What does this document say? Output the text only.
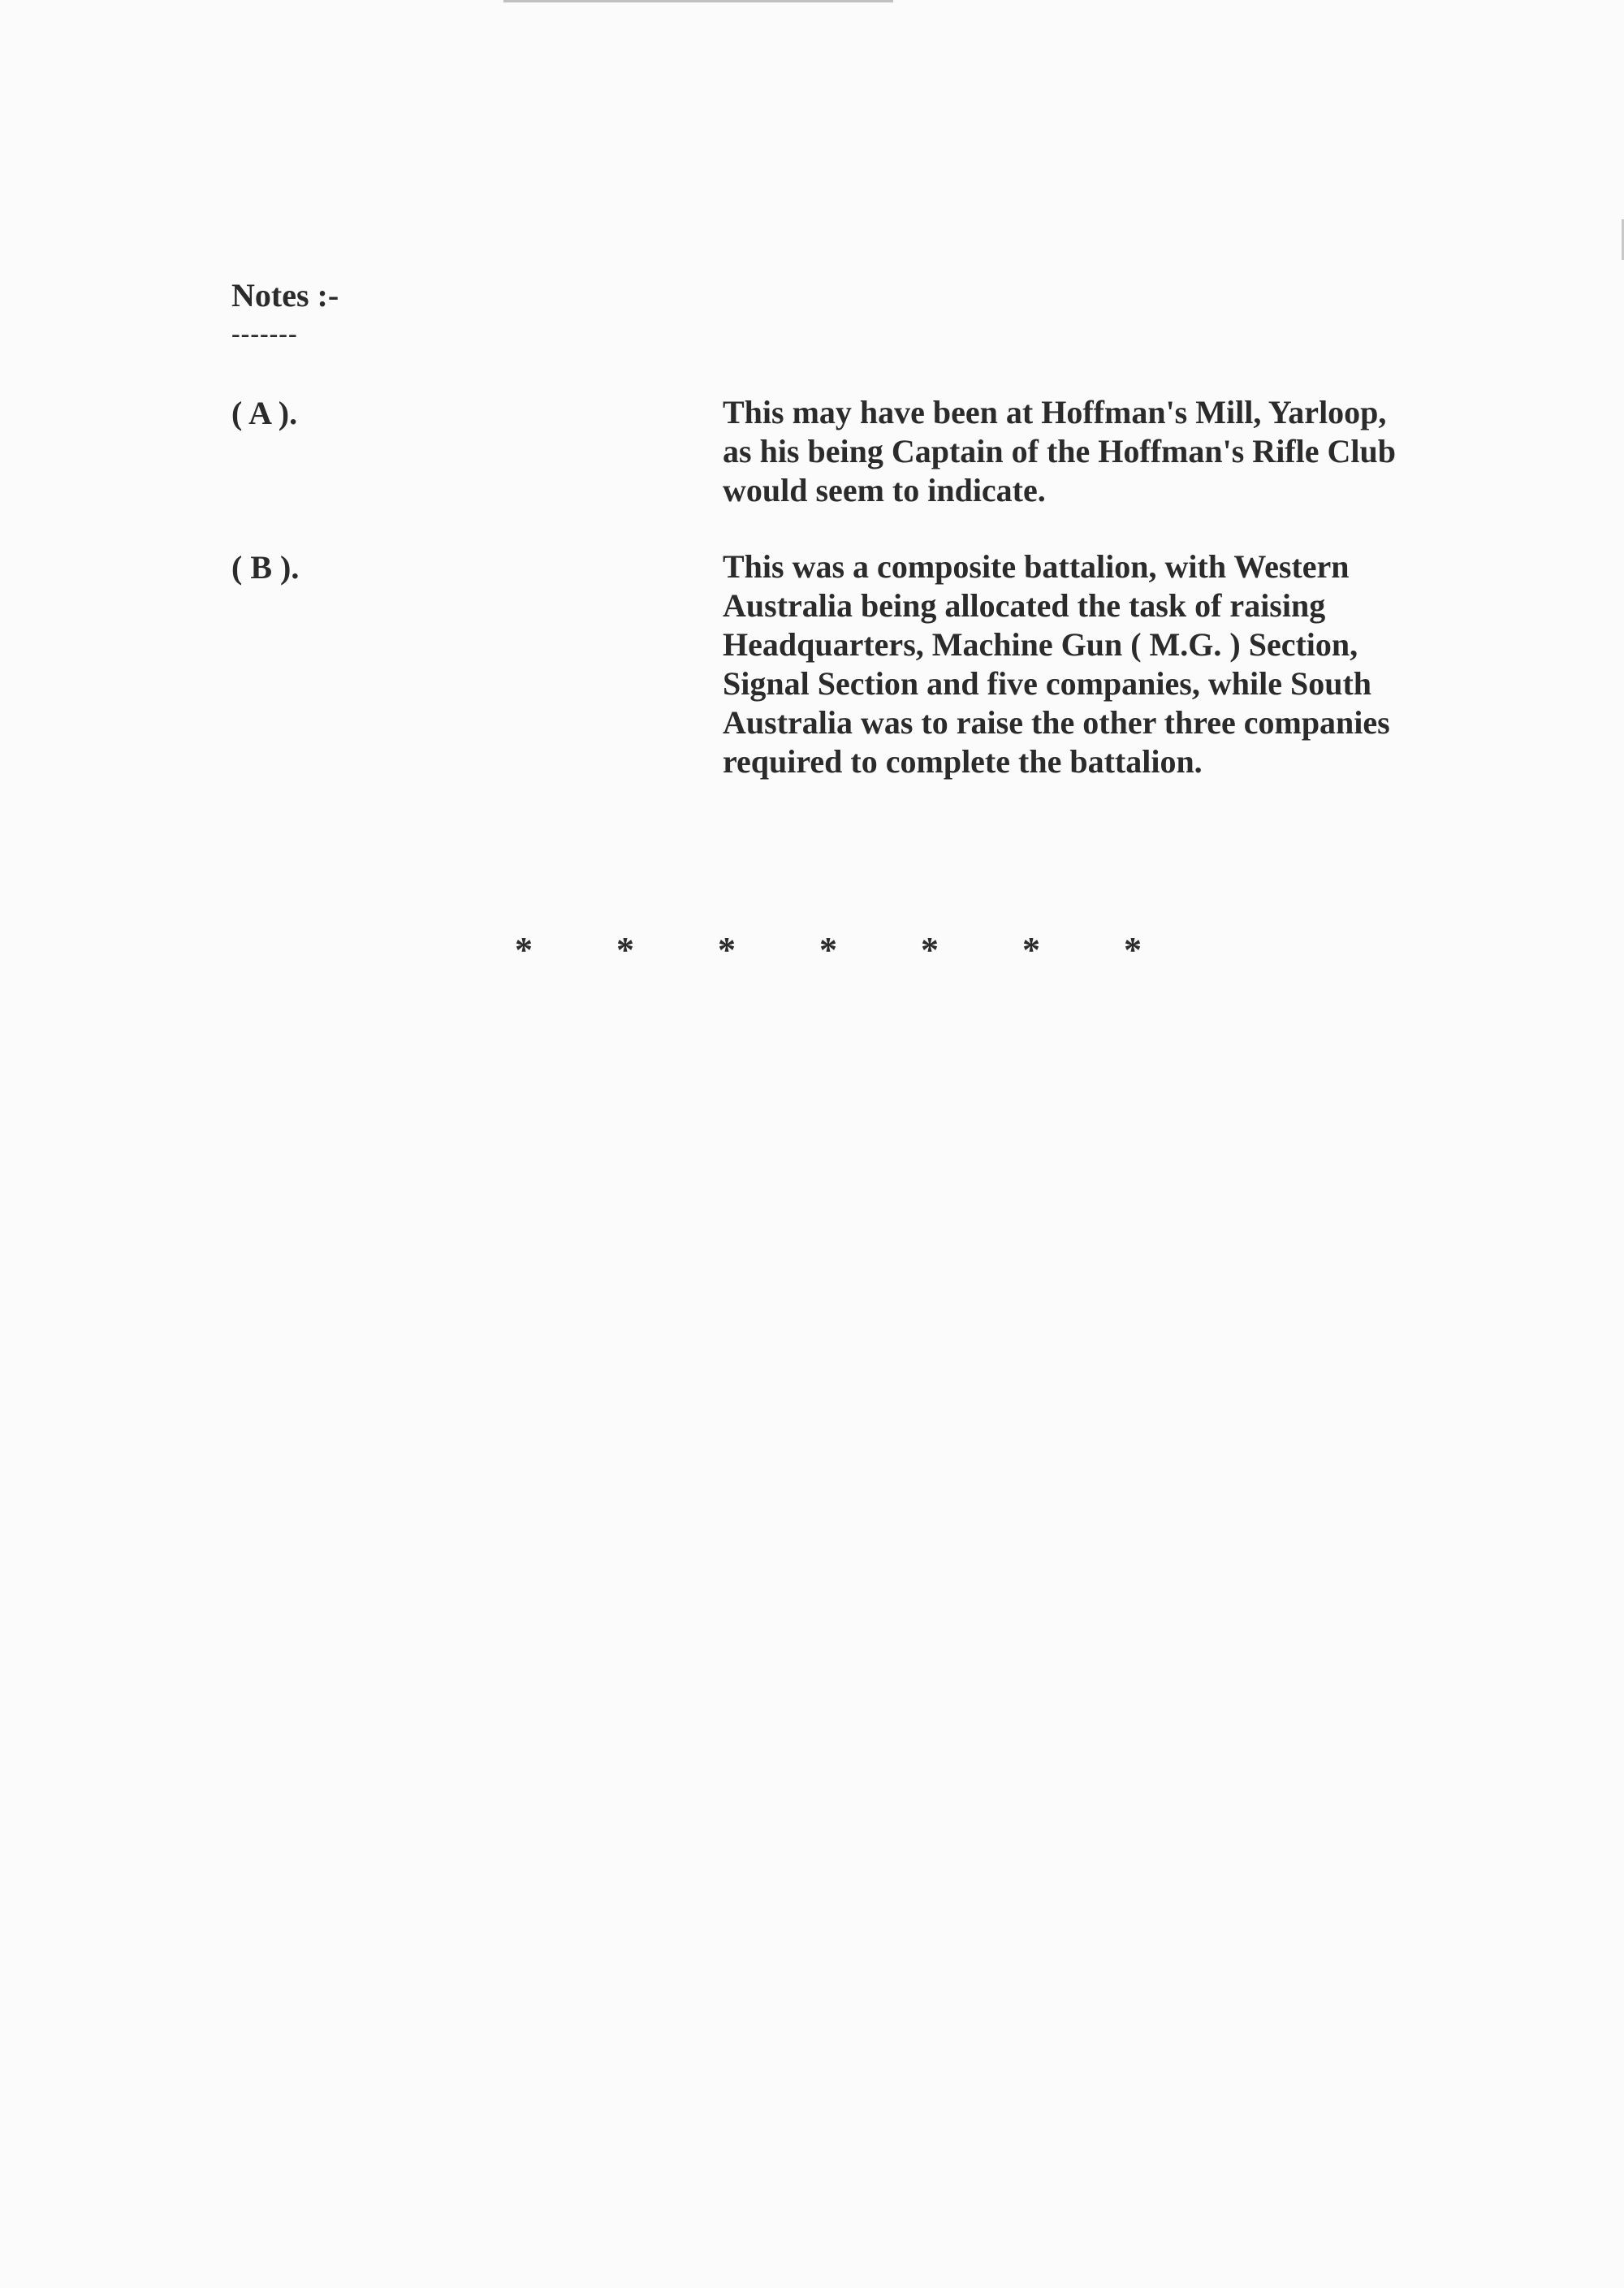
Notes :-
-------
( A ).	This may have been at Hoffman's Mill, Yarloop, as his being Captain of the Hoffman's Rifle Club would seem to indicate.
( B ).	This was a composite battalion, with Western Australia being allocated the task of raising Headquarters, Machine Gun ( M.G. ) Section, Signal Section and five companies, while South Australia was to raise the other three companies required to complete the battalion.
*	*	*	*	*	*	*
